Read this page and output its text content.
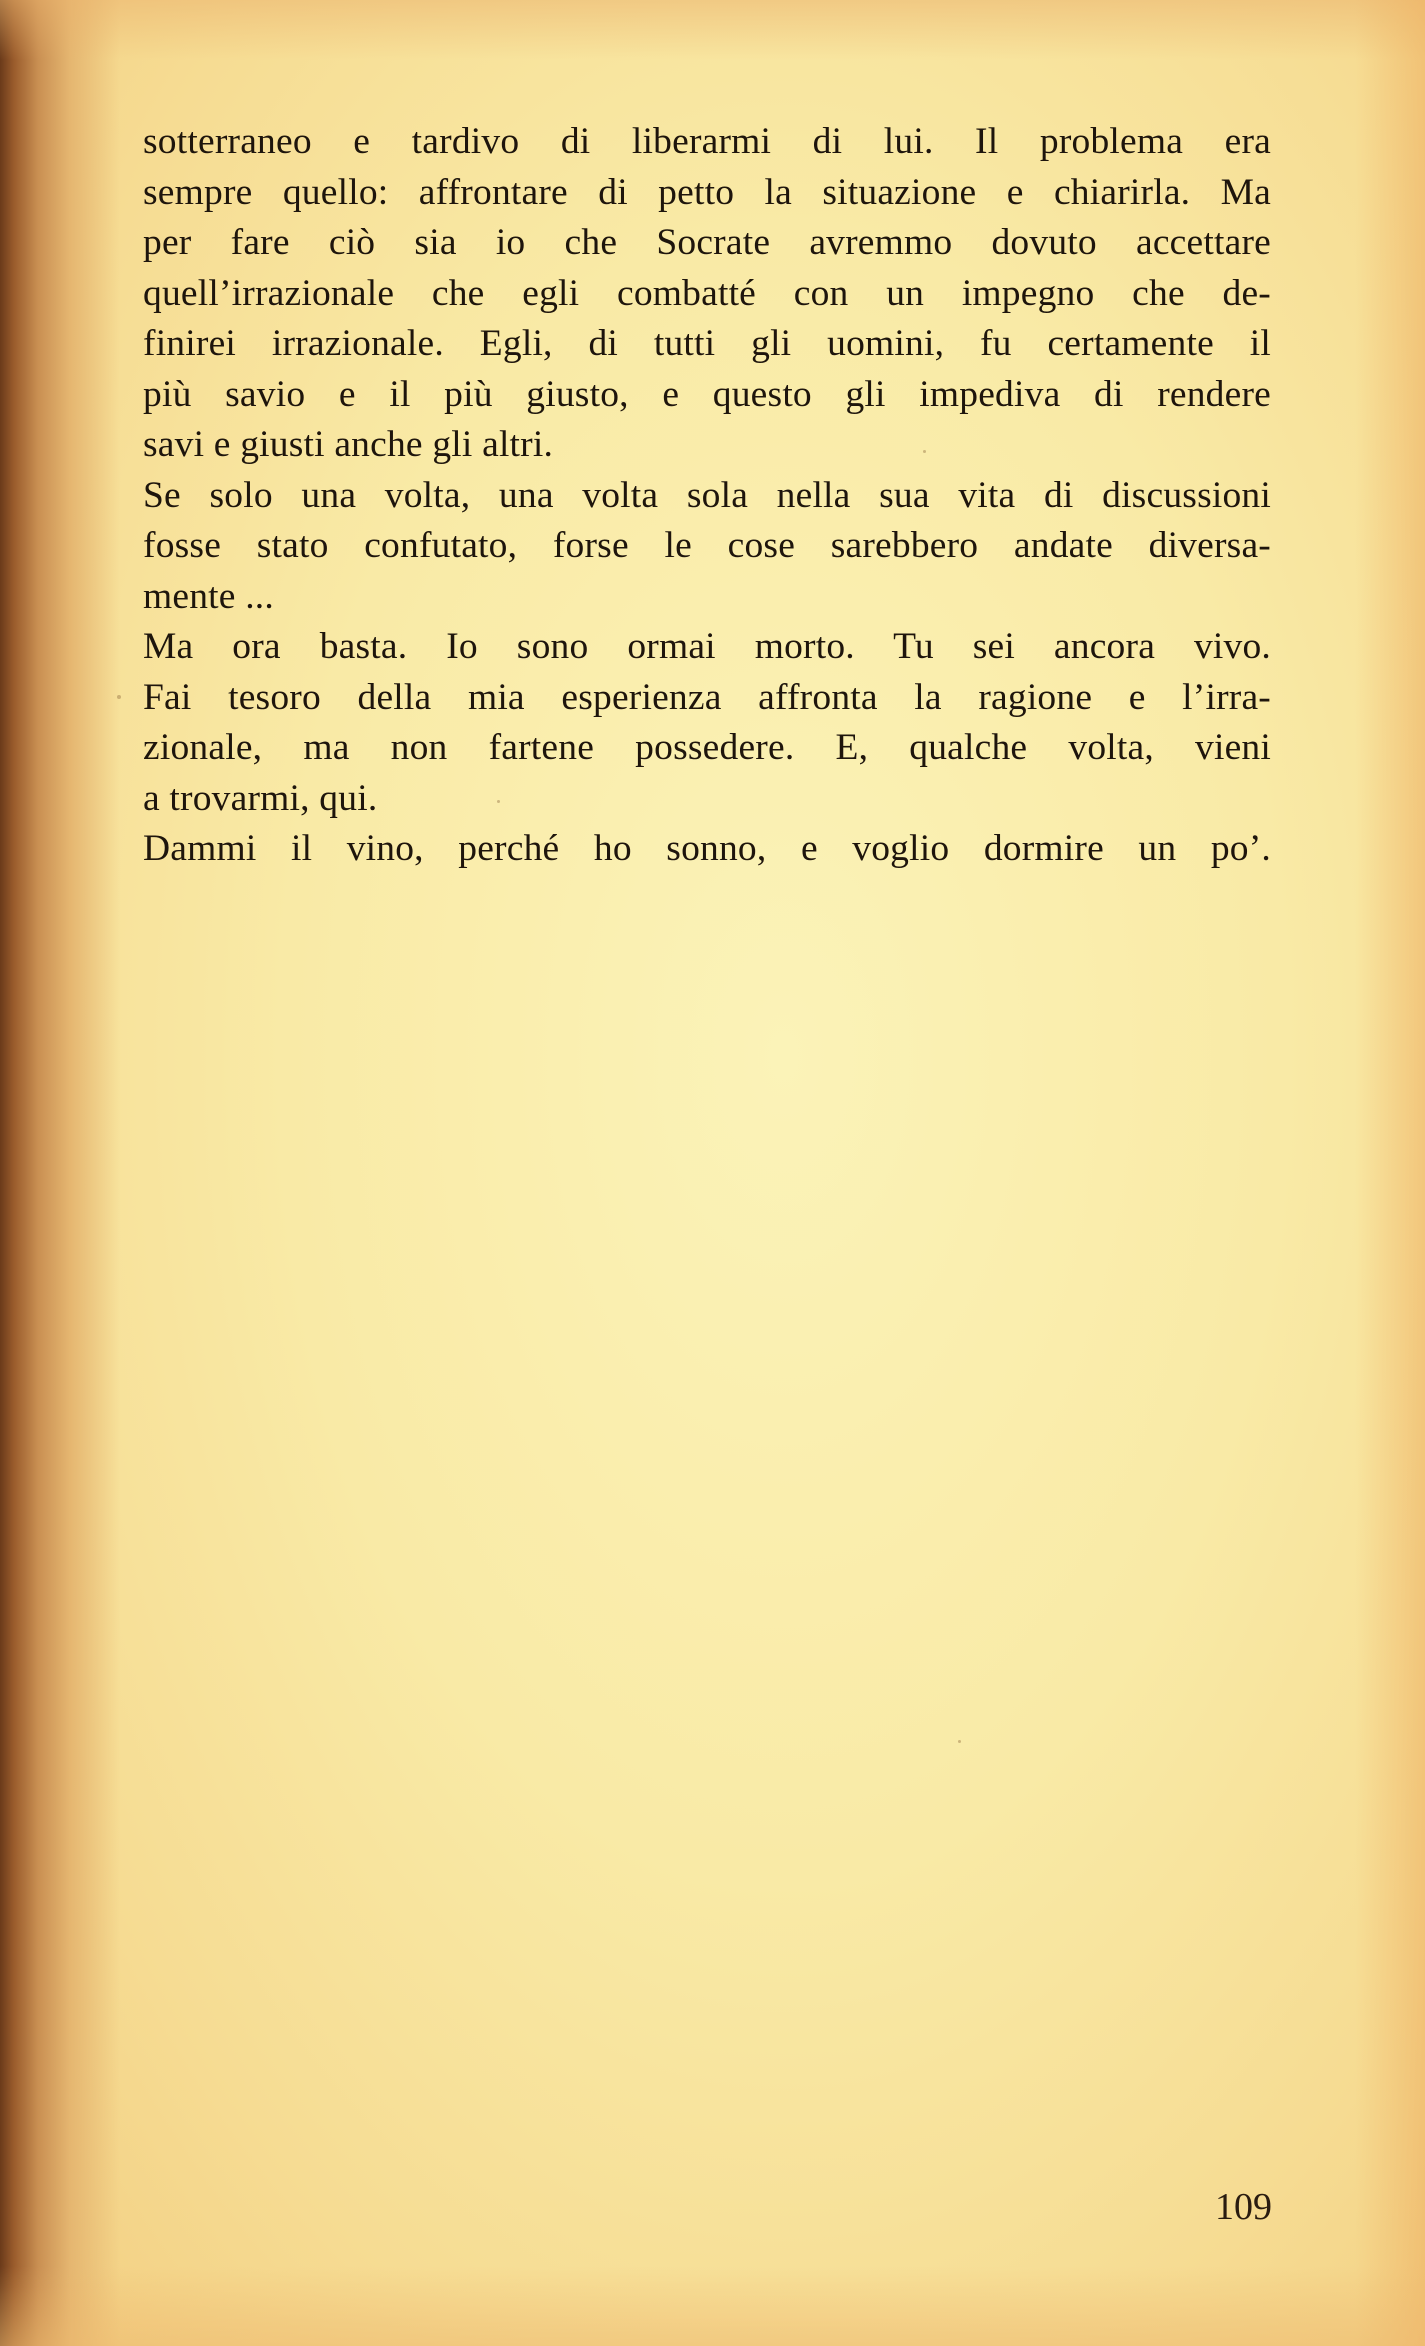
sotterraneo e tardivo di liberarmi di lui. Il problema era
sempre quello: affrontare di petto la situazione e chiarirla. Ma
per fare ciò sia io che Socrate avremmo dovuto accettare
quell’irrazionale che egli combatté con un impegno che de-
finirei irrazionale. Egli, di tutti gli uomini, fu certamente il
più savio e il più giusto, e questo gli impediva di rendere
savi e giusti anche gli altri.
Se solo una volta, una volta sola nella sua vita di discussioni
fosse stato confutato, forse le cose sarebbero andate diversa-
mente ...
Ma ora basta. Io sono ormai morto. Tu sei ancora vivo.
Fai tesoro della mia esperienza affronta la ragione e l’irra-
zionale, ma non fartene possedere. E, qualche volta, vieni
a trovarmi, qui.
Dammi il vino, perché ho sonno, e voglio dormire un po’.
109
